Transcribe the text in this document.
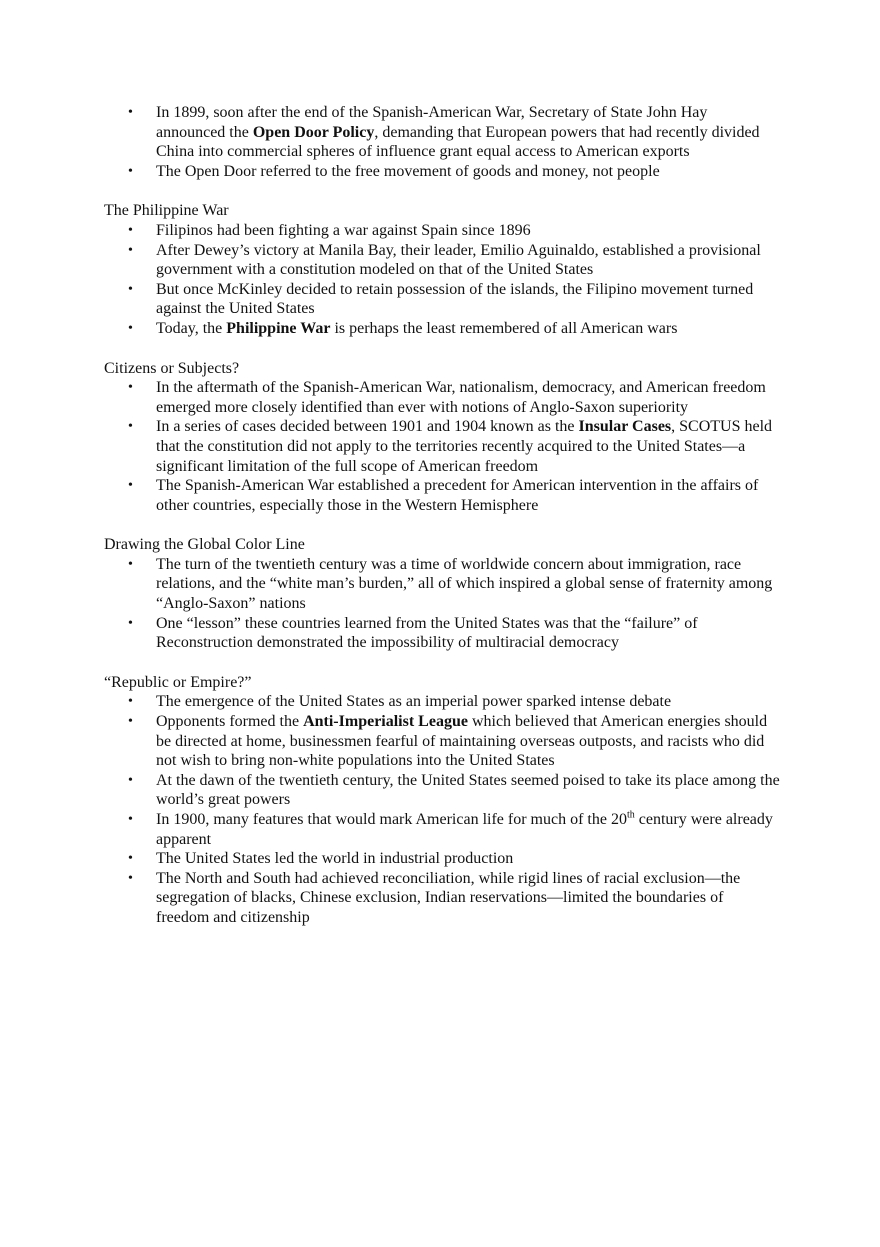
• In 1899, soon after the end of the Spanish-American War, Secretary of State John Hay announced the Open Door Policy, demanding that European powers that had recently divided China into commercial spheres of influence grant equal access to American exports
• The Open Door referred to the free movement of goods and money, not people

The Philippine War

• Filipinos had been fighting a war against Spain since 1896
• After Dewey’s victory at Manila Bay, their leader, Emilio Aguinaldo, established a provisional government with a constitution modeled on that of the United States
• But once McKinley decided to retain possession of the islands, the Filipino movement turned against the United States
• Today, the Philippine War is perhaps the least remembered of all American wars

Citizens or Subjects?

• In the aftermath of the Spanish-American War, nationalism, democracy, and American freedom emerged more closely identified than ever with notions of Anglo-Saxon superiority
• In a series of cases decided between 1901 and 1904 known as the Insular Cases, SCOTUS held that the constitution did not apply to the territories recently acquired to the United States—a significant limitation of the full scope of American freedom
• The Spanish-American War established a precedent for American intervention in the affairs of other countries, especially those in the Western Hemisphere

Drawing the Global Color Line

• The turn of the twentieth century was a time of worldwide concern about immigration, race relations, and the “white man’s burden,” all of which inspired a global sense of fraternity among “Anglo-Saxon” nations
• One “lesson” these countries learned from the United States was that the “failure” of Reconstruction demonstrated the impossibility of multiracial democracy

“Republic or Empire?”

• The emergence of the United States as an imperial power sparked intense debate
• Opponents formed the Anti-Imperialist League which believed that American energies should be directed at home, businessmen fearful of maintaining overseas outposts, and racists who did not wish to bring non-white populations into the United States
• At the dawn of the twentieth century, the United States seemed poised to take its place among the world’s great powers
• In 1900, many features that would mark American life for much of the 20th century were already apparent
• The United States led the world in industrial production
• The North and South had achieved reconciliation, while rigid lines of racial exclusion—the segregation of blacks, Chinese exclusion, Indian reservations—limited the boundaries of freedom and citizenship
